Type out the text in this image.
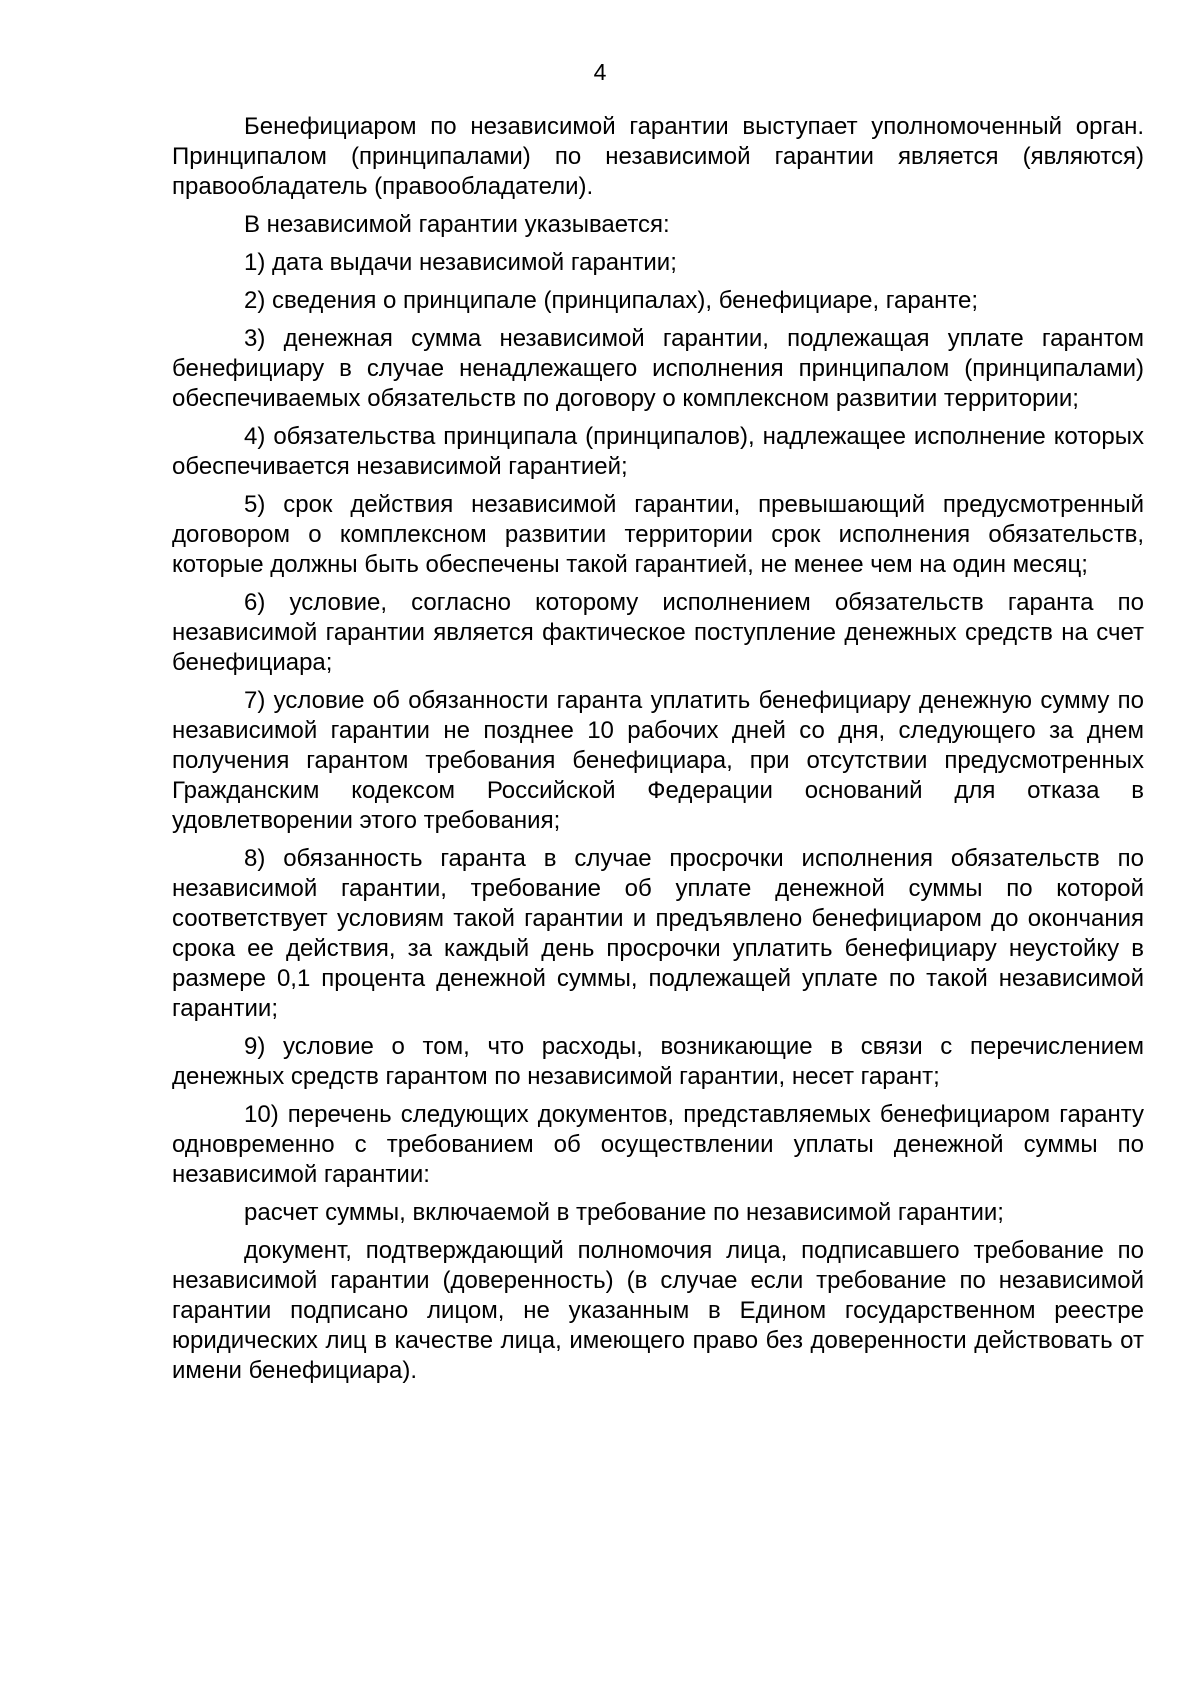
4

Бенефициаром по независимой гарантии выступает уполномоченный орган. Принципалом (принципалами) по независимой гарантии является (являются) правообладатель (правообладатели).

В независимой гарантии указывается:

1) дата выдачи независимой гарантии;

2) сведения о принципале (принципалах), бенефициаре, гаранте;

3) денежная сумма независимой гарантии, подлежащая уплате гарантом бенефициару в случае ненадлежащего исполнения принципалом (принципалами) обеспечиваемых обязательств по договору о комплексном развитии территории;

4) обязательства принципала (принципалов), надлежащее исполнение которых обеспечивается независимой гарантией;

5) срок действия независимой гарантии, превышающий предусмотренный договором о комплексном развитии территории срок исполнения обязательств, которые должны быть обеспечены такой гарантией, не менее чем на один месяц;

6) условие, согласно которому исполнением обязательств гаранта по независимой гарантии является фактическое поступление денежных средств на счет бенефициара;

7) условие об обязанности гаранта уплатить бенефициару денежную сумму по независимой гарантии не позднее 10 рабочих дней со дня, следующего за днем получения гарантом требования бенефициара, при отсутствии предусмотренных Гражданским кодексом Российской Федерации оснований для отказа в удовлетворении этого требования;

8) обязанность гаранта в случае просрочки исполнения обязательств по независимой гарантии, требование об уплате денежной суммы по которой соответствует условиям такой гарантии и предъявлено бенефициаром до окончания срока ее действия, за каждый день просрочки уплатить бенефициару неустойку в размере 0,1 процента денежной суммы, подлежащей уплате по такой независимой гарантии;

9) условие о том, что расходы, возникающие в связи с перечислением денежных средств гарантом по независимой гарантии, несет гарант;

10) перечень следующих документов, представляемых бенефициаром гаранту одновременно с требованием об осуществлении уплаты денежной суммы по независимой гарантии:

расчет суммы, включаемой в требование по независимой гарантии;

документ, подтверждающий полномочия лица, подписавшего требование по независимой гарантии (доверенность) (в случае если требование по независимой гарантии подписано лицом, не указанным в Едином государственном реестре юридических лиц в качестве лица, имеющего право без доверенности действовать от имени бенефициара).
